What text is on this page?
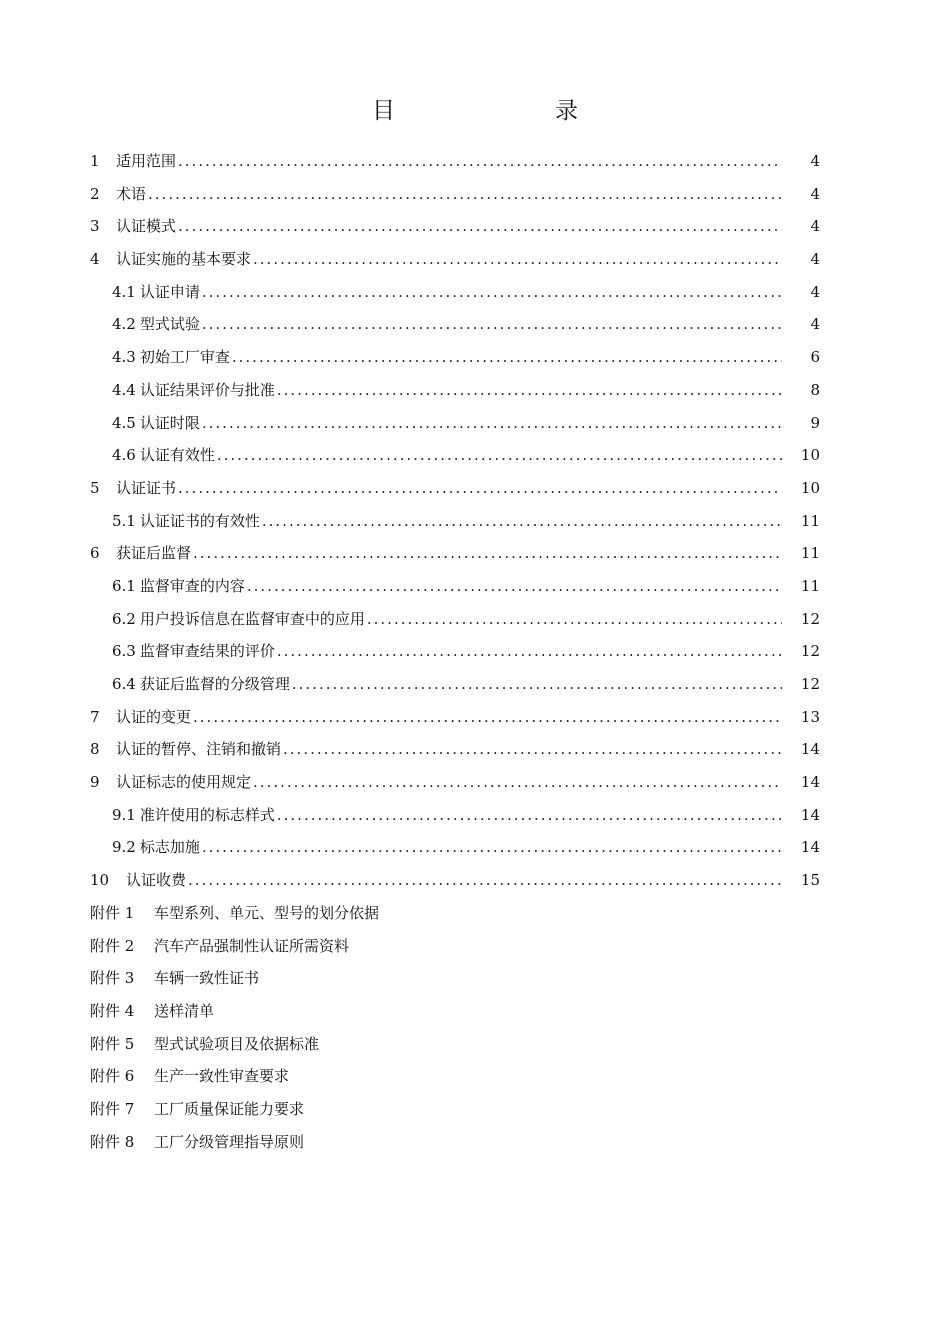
目　　录
1 适用范围 .....	4
2 术语 .....	4
3 认证模式 .....	4
4 认证实施的基本要求 .....	4
4.1 认证申请 .....	4
4.2 型式试验 .....	4
4.3 初始工厂审查 .....	6
4.4 认证结果评价与批准 .....	8
4.5 认证时限 .....	9
4.6 认证有效性 .....	10
5 认证证书 .....	10
5.1 认证证书的有效性 .....	11
6 获证后监督 .....	11
6.1 监督审查的内容 .....	11
6.2 用户投诉信息在监督审查中的应用 .....	12
6.3 监督审查结果的评价 .....	12
6.4 获证后监督的分级管理 .....	12
7 认证的变更 .....	13
8 认证的暂停、注销和撤销 .....	14
9 认证标志的使用规定 .....	14
9.1 准许使用的标志样式 .....	14
9.2 标志加施 .....	14
10 认证收费 .....	15
附件 1	车型系列、单元、型号的划分依据
附件 2	汽车产品强制性认证所需资料
附件 3	车辆一致性证书
附件 4	送样清单
附件 5	型式试验项目及依据标准
附件 6	生产一致性审查要求
附件 7	工厂质量保证能力要求
附件 8	工厂分级管理指导原则
